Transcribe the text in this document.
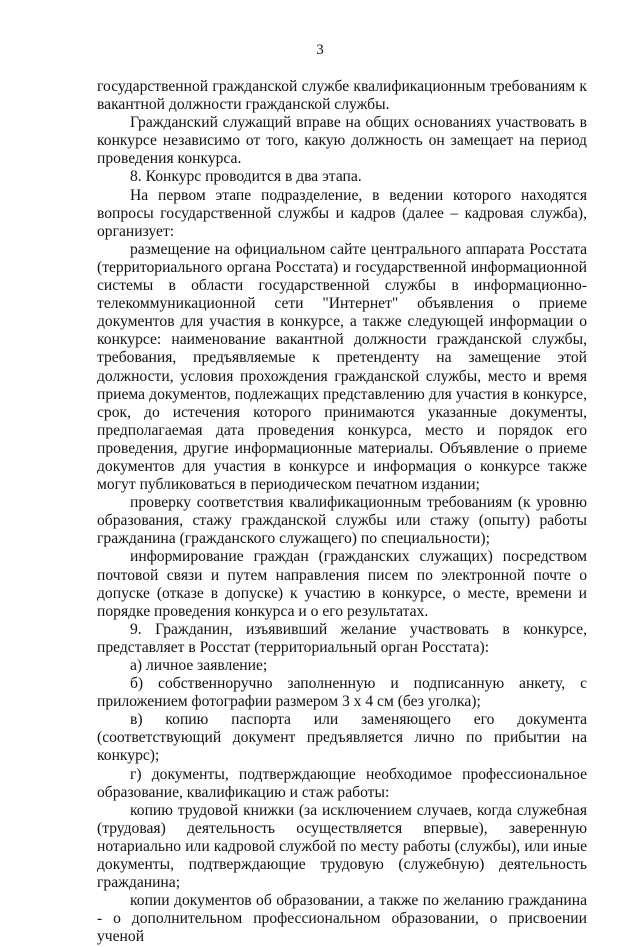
3

государственной гражданской службе квалификационным требованиям к вакантной должности гражданской службы.

Гражданский служащий вправе на общих основаниях участвовать в конкурсе независимо от того, какую должность он замещает на период проведения конкурса.

8. Конкурс проводится в два этапа.

На первом этапе подразделение, в ведении которого находятся вопросы государственной службы и кадров (далее – кадровая служба), организует:

размещение на официальном сайте центрального аппарата Росстата (территориального органа Росстата) и государственной информационной системы в области государственной службы в информационно-телекоммуникационной сети "Интернет" объявления о приеме документов для участия в конкурсе, а также следующей информации о конкурсе: наименование вакантной должности гражданской службы, требования, предъявляемые к претенденту на замещение этой должности, условия прохождения гражданской службы, место и время приема документов, подлежащих представлению для участия в конкурсе, срок, до истечения которого принимаются указанные документы, предполагаемая дата проведения конкурса, место и порядок его проведения, другие информационные материалы. Объявление о приеме документов для участия в конкурсе и информация о конкурсе также могут публиковаться в периодическом печатном издании;

проверку соответствия квалификационным требованиям (к уровню образования, стажу гражданской службы или стажу (опыту) работы гражданина (гражданского служащего) по специальности);

информирование граждан (гражданских служащих) посредством почтовой связи и путем направления писем по электронной почте о допуске (отказе в допуске) к участию в конкурсе, о месте, времени и порядке проведения конкурса и о его результатах.

9. Гражданин, изъявивший желание участвовать в конкурсе, представляет в Росстат (территориальный орган Росстата):

а) личное заявление;

б) собственноручно заполненную и подписанную анкету, с приложением фотографии размером 3 х 4 см (без уголка);

в) копию паспорта или заменяющего его документа (соответствующий документ предъявляется лично по прибытии на конкурс);

г) документы, подтверждающие необходимое профессиональное образование, квалификацию и стаж работы:

копию трудовой книжки (за исключением случаев, когда служебная (трудовая) деятельность осуществляется впервые), заверенную нотариально или кадровой службой по месту работы (службы), или иные документы, подтверждающие трудовую (служебную) деятельность гражданина;

копии документов об образовании, а также по желанию гражданина - о дополнительном профессиональном образовании, о присвоении ученой
